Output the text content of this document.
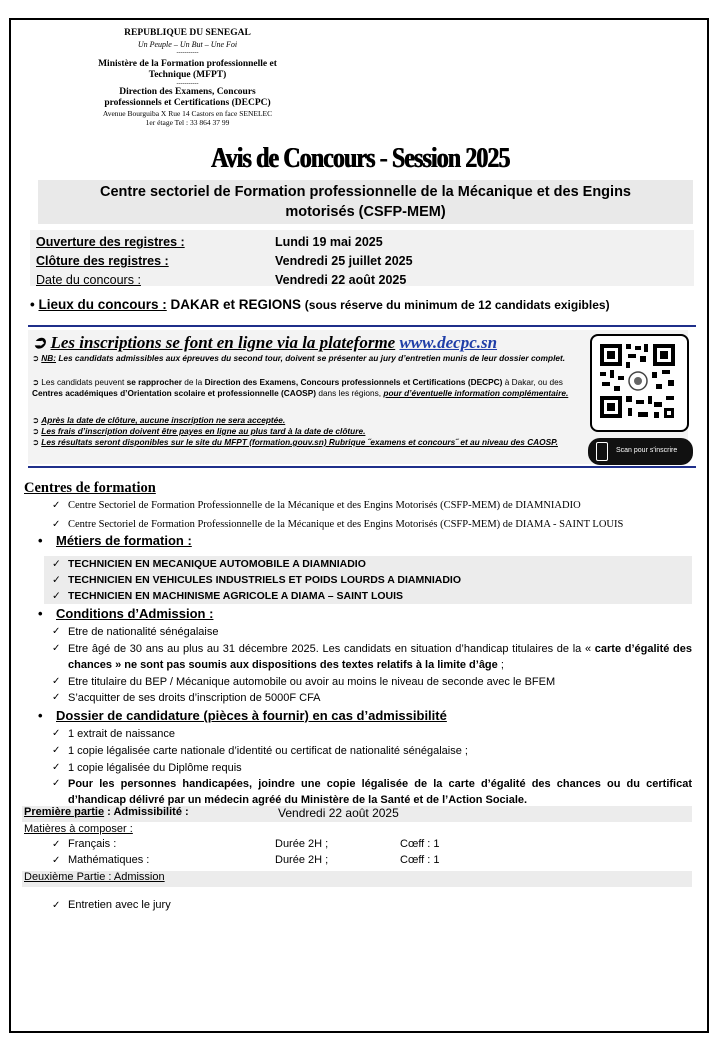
REPUBLIQUE DU SENEGAL
Un Peuple – Un But – Une Foi
-----------
Ministère de la Formation professionnelle et
Technique (MFPT)
-----------
Direction des Examens, Concours
professionnels et Certifications (DECPC)
Avenue Bourguiba X Rue 14 Castors en face SENELEC
1er étage Tel : 33 864 37 99
Avis de Concours - Session 2025
Centre sectoriel de Formation professionnelle de la Mécanique et des Engins
motorisés (CSFP-MEM)
Ouverture des registres :	Lundi 19 mai 2025
Clôture des registres :	Vendredi 25 juillet 2025
Date du concours :	Vendredi 22 août 2025
• Lieux du concours : DAKAR et REGIONS (sous réserve du minimum de 12 candidats exigibles)
➲ Les inscriptions se font en ligne via la plateforme www.decpc.sn
➲ NB: Les candidats admissibles aux épreuves du second tour, doivent se présenter au jury d’entretien munis de leur dossier complet.
➲ Les candidats peuvent se rapprocher de la Direction des Examens, Concours professionnels et Certifications (DECPC) à Dakar, ou des Centres académiques d’Orientation scolaire et professionnelle (CAOSP) dans les régions, pour d’éventuelle information complémentaire.
➲ Après la date de clôture, aucune inscription ne sera acceptée.
➲ Les frais d’inscription doivent être payes en ligne au plus tard à la date de clôture.
➲ Les résultats seront disponibles sur le site du MFPT (formation.gouv.sn) Rubrique ˝examens et concours˝ et au niveau des CAOSP.
Scan pour s'inscrire
Centres de formation
✓ Centre Sectoriel de Formation Professionnelle de la Mécanique et des Engins Motorisés (CSFP-MEM) de DIAMNIADIO
✓ Centre Sectoriel de Formation Professionnelle de la Mécanique et des Engins Motorisés (CSFP-MEM) de DIAMA - SAINT LOUIS
• Métiers de formation :
✓ TECHNICIEN EN MECANIQUE AUTOMOBILE A DIAMNIADIO
✓ TECHNICIEN EN VEHICULES INDUSTRIELS ET POIDS LOURDS A DIAMNIADIO
✓ TECHNICIEN EN MACHINISME AGRICOLE A DIAMA – SAINT LOUIS
• Conditions d’Admission :
✓ Etre de nationalité sénégalaise
✓ Etre âgé de 30 ans au plus au 31 décembre 2025. Les candidats en situation d’handicap titulaires de la « carte d’égalité des chances » ne sont pas soumis aux dispositions des textes relatifs à la limite d’âge ;
✓ Etre titulaire du BEP / Mécanique automobile ou avoir au moins le niveau de seconde avec le BFEM
✓ S’acquitter de ses droits d’inscription de 5000F CFA
• Dossier de candidature (pièces à fournir) en cas d’admissibilité
✓ 1 extrait de naissance
✓ 1 copie légalisée carte nationale d’identité ou certificat de nationalité sénégalaise ;
✓ 1 copie légalisée du Diplôme requis
✓ Pour les personnes handicapées, joindre une copie légalisée de la carte d’égalité des chances ou du certificat d’handicap délivré par un médecin agréé du Ministère de la Santé et de l’Action Sociale.
Première partie : Admissibilité :	Vendredi 22 août 2025
Matières à composer :
✓ Français :	Durée 2H ;	Cœff : 1
✓ Mathématiques :	Durée 2H ;	Cœff : 1
Deuxième Partie : Admission
✓ Entretien avec le jury
